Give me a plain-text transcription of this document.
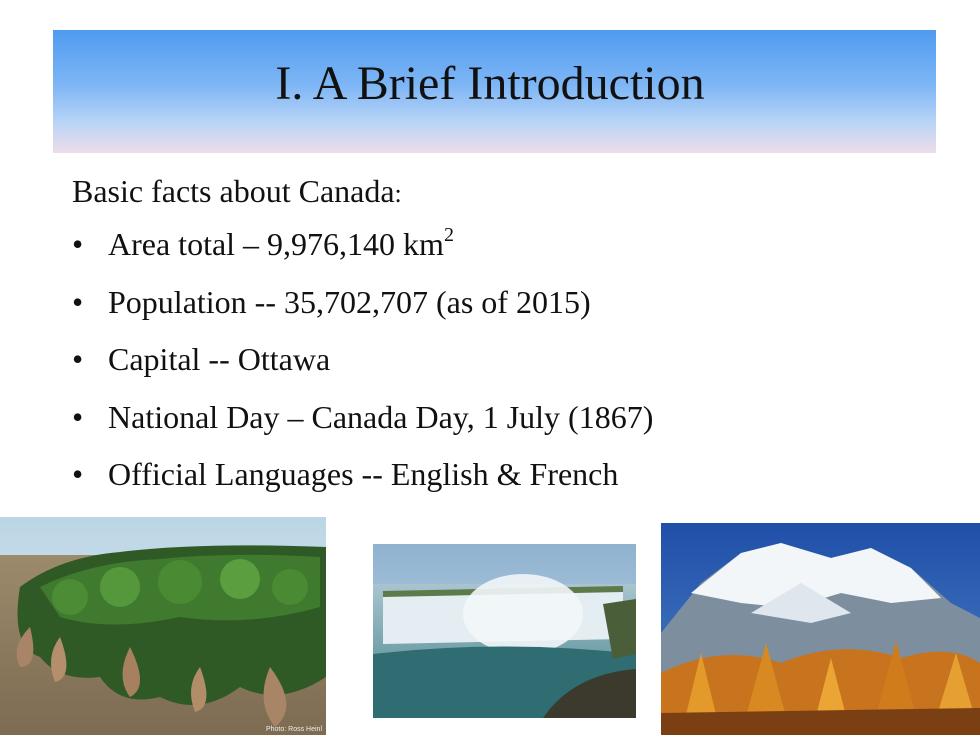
I. A Brief Introduction
Basic facts about Canada:
• Area total – 9,976,140 $km^2$
• Population -- 35,702,707 (as of 2015)
• Capital -- Ottawa
• National Day – Canada Day, 1 July (1867)
• Official Languages -- English & French
Photo: Ross Heinl
